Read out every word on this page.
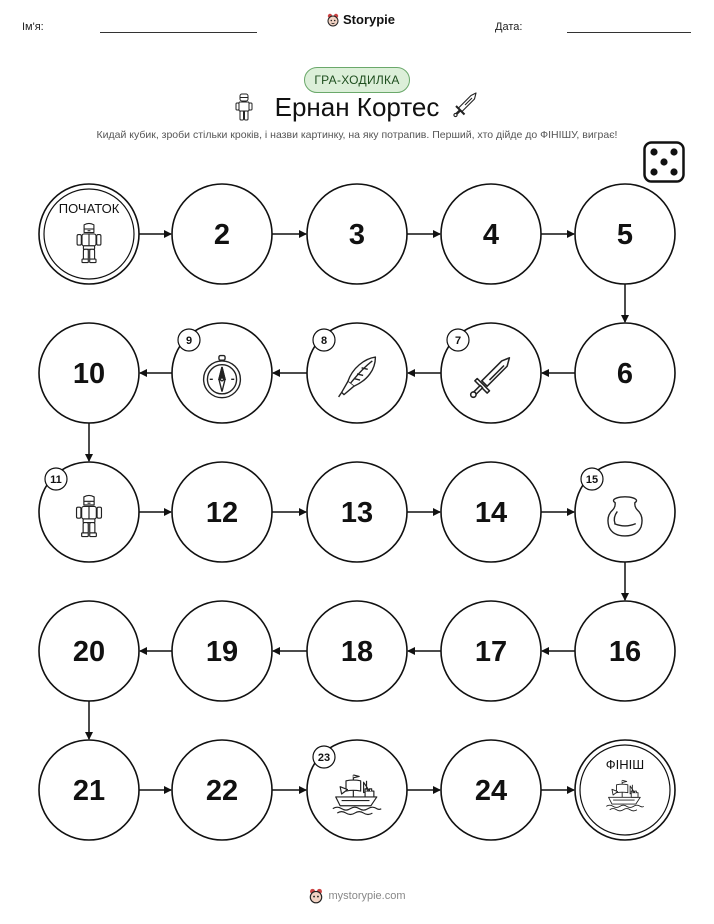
Ім'я:	Storypie	Дата:
ГРА-ХОДИЛКА
Ернан Кортес
Кидай кубик, зроби стільки кроків, і назви картинку, на яку потрапив. Перший, хто дійде до ФІНІШУ, виграє!
ПОЧАТОК
2	3	4	5
6
7
8
9
10
11
12	13	14
15
16
17
18
19
20
21	22
23
24
ФІНІШ
mystorypie.com
